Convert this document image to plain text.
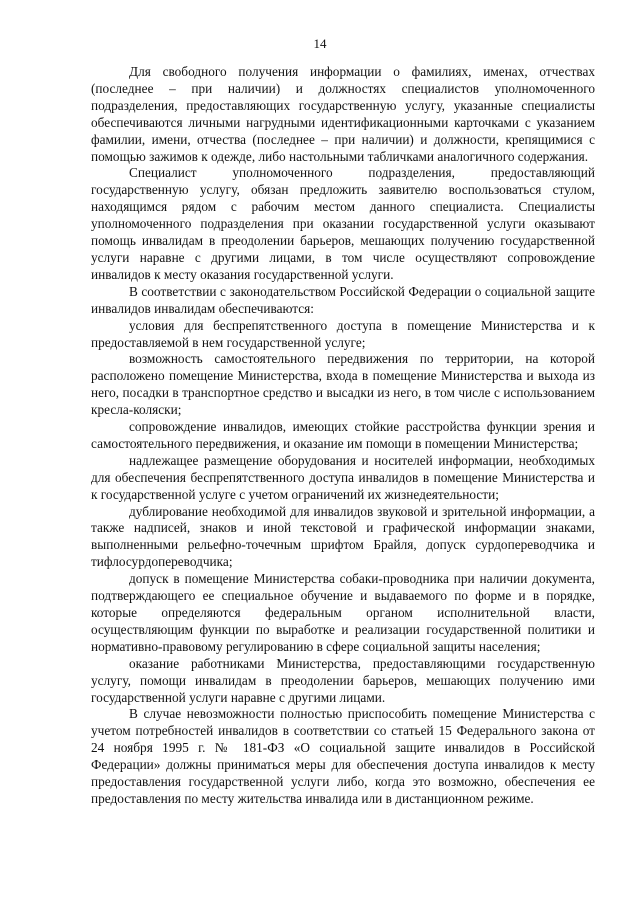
14

Для свободного получения информации о фамилиях, именах, отчествах (последнее – при наличии) и должностях специалистов уполномоченного подразделения, предоставляющих государственную услугу, указанные специалисты обеспечиваются личными нагрудными идентификационными карточками с указанием фамилии, имени, отчества (последнее – при наличии) и должности, крепящимися с помощью зажимов к одежде, либо настольными табличками аналогичного содержания.

Специалист уполномоченного подразделения, предоставляющий государственную услугу, обязан предложить заявителю воспользоваться стулом, находящимся рядом с рабочим местом данного специалиста. Специалисты уполномоченного подразделения при оказании государственной услуги оказывают помощь инвалидам в преодолении барьеров, мешающих получению государственной услуги наравне с другими лицами, в том числе осуществляют сопровождение инвалидов к месту оказания государственной услуги.

В соответствии с законодательством Российской Федерации о социальной защите инвалидов инвалидам обеспечиваются:

условия для беспрепятственного доступа в помещение Министерства и к предоставляемой в нем государственной услуге;

возможность самостоятельного передвижения по территории, на которой расположено помещение Министерства, входа в помещение Министерства и выхода из него, посадки в транспортное средство и высадки из него, в том числе с использованием кресла-коляски;

сопровождение инвалидов, имеющих стойкие расстройства функции зрения и самостоятельного передвижения, и оказание им помощи в помещении Министерства;

надлежащее размещение оборудования и носителей информации, необходимых для обеспечения беспрепятственного доступа инвалидов в помещение Министерства и к государственной услуге с учетом ограничений их жизнедеятельности;

дублирование необходимой для инвалидов звуковой и зрительной информации, а также надписей, знаков и иной текстовой и графической информации знаками, выполненными рельефно-точечным шрифтом Брайля, допуск сурдопереводчика и тифлосурдопереводчика;

допуск в помещение Министерства собаки-проводника при наличии документа, подтверждающего ее специальное обучение и выдаваемого по форме и в порядке, которые определяются федеральным органом исполнительной власти, осуществляющим функции по выработке и реализации государственной политики и нормативно-правовому регулированию в сфере социальной защиты населения;

оказание работниками Министерства, предоставляющими государственную услугу, помощи инвалидам в преодолении барьеров, мешающих получению ими государственной услуги наравне с другими лицами.

В случае невозможности полностью приспособить помещение Министерства с учетом потребностей инвалидов в соответствии со статьей 15 Федерального закона от 24 ноября 1995 г. № 181-ФЗ «О социальной защите инвалидов в Российской Федерации» должны приниматься меры для обеспечения доступа инвалидов к месту предоставления государственной услуги либо, когда это возможно, обеспечения ее предоставления по месту жительства инвалида или в дистанционном режиме.
